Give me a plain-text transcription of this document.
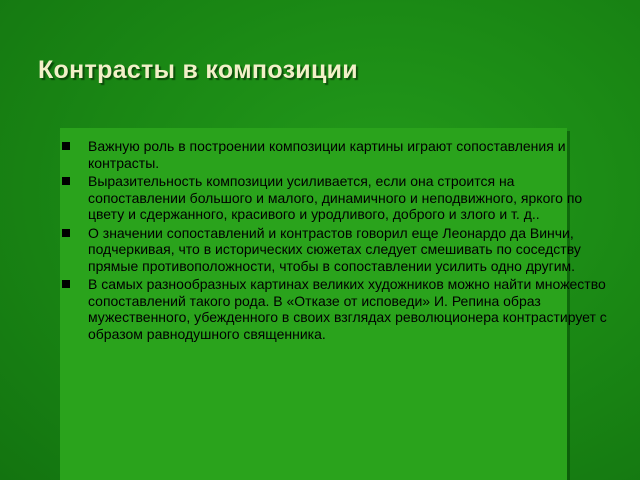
Контрасты в композиции
Важную роль в построении композиции картины играют сопоставления и контрасты.
Выразительность композиции усиливается, если она строится на сопоставлении большого и малого, динамичного и неподвижного, яркого по цвету и сдержанного, красивого и уродливого, доброго и злого и т. д..
О значении сопоставлений и контрастов говорил еще Леонардо да Винчи, подчеркивая, что в исторических сюжетах следует смешивать по соседству прямые противоположности, чтобы в сопоставлении усилить одно другим.
В самых разнообразных картинах великих художников можно найти множество сопоставлений такого рода. В «Отказе от исповеди» И. Репина образ мужественного, убежденного в своих взглядах революционера контрастирует с образом равнодушного священника.
